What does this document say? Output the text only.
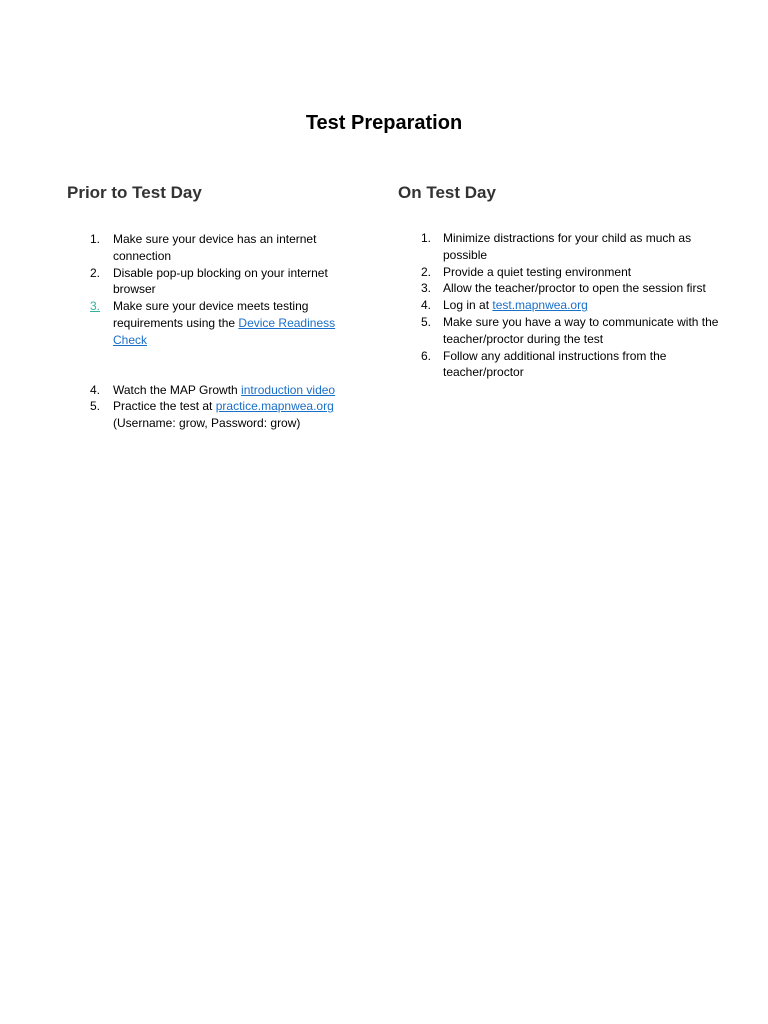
Test Preparation
Prior to Test Day
1. Make sure your device has an internet connection
2. Disable pop-up blocking on your internet browser
3. Make sure your device meets testing requirements using the Device Readiness Check
4. Watch the MAP Growth introduction video
5. Practice the test at practice.mapnwea.org
(Username: grow, Password: grow)
On Test Day
1. Minimize distractions for your child as much as possible
2. Provide a quiet testing environment
3. Allow the teacher/proctor to open the session first
4. Log in at test.mapnwea.org
5. Make sure you have a way to communicate with the teacher/proctor during the test
6. Follow any additional instructions from the teacher/proctor
